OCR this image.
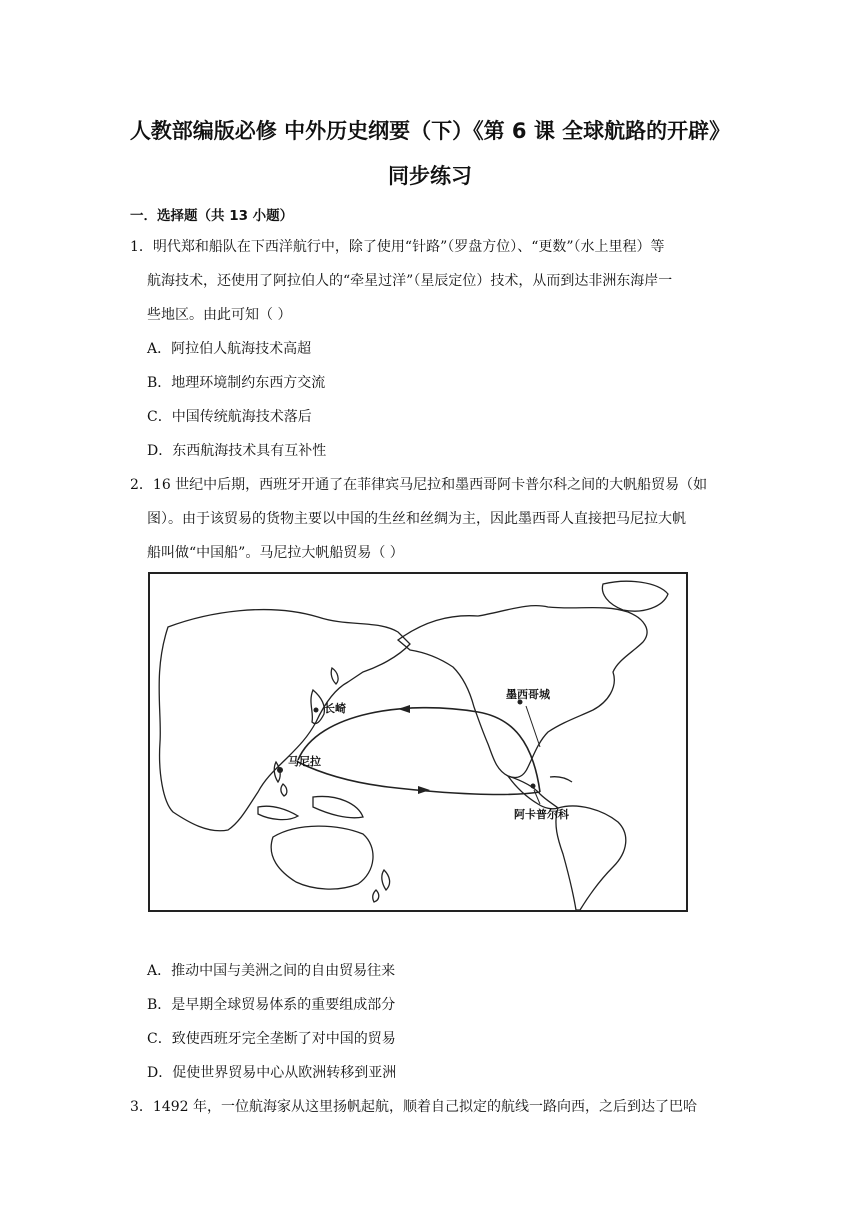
人教部编版必修 中外历史纲要（下）《第 6 课 全球航路的开辟》
同步练习
一．选择题（共 13 小题）
1．明代郑和船队在下西洋航行中，除了使用“针路”（罗盘方位）、“更数”（水上里程）等
航海技术，还使用了阿拉伯人的“牵星过洋”（星辰定位）技术，从而到达非洲东海岸一
些地区。由此可知（ ）
A．阿拉伯人航海技术高超
B．地理环境制约东西方交流
C．中国传统航海技术落后
D．东西航海技术具有互补性
2．16 世纪中后期，西班牙开通了在菲律宾马尼拉和墨西哥阿卡普尔科之间的大帆船贸易（如
图）。由于该贸易的货物主要以中国的生丝和丝绸为主，因此墨西哥人直接把马尼拉大帆
船叫做“中国船”。马尼拉大帆船贸易（ ）
长崎
马尼拉
墨西哥城
阿卡普尔科
A．推动中国与美洲之间的自由贸易往来
B．是早期全球贸易体系的重要组成部分
C．致使西班牙完全垄断了对中国的贸易
D．促使世界贸易中心从欧洲转移到亚洲
3．1492 年，一位航海家从这里扬帆起航，顺着自己拟定的航线一路向西，之后到达了巴哈
